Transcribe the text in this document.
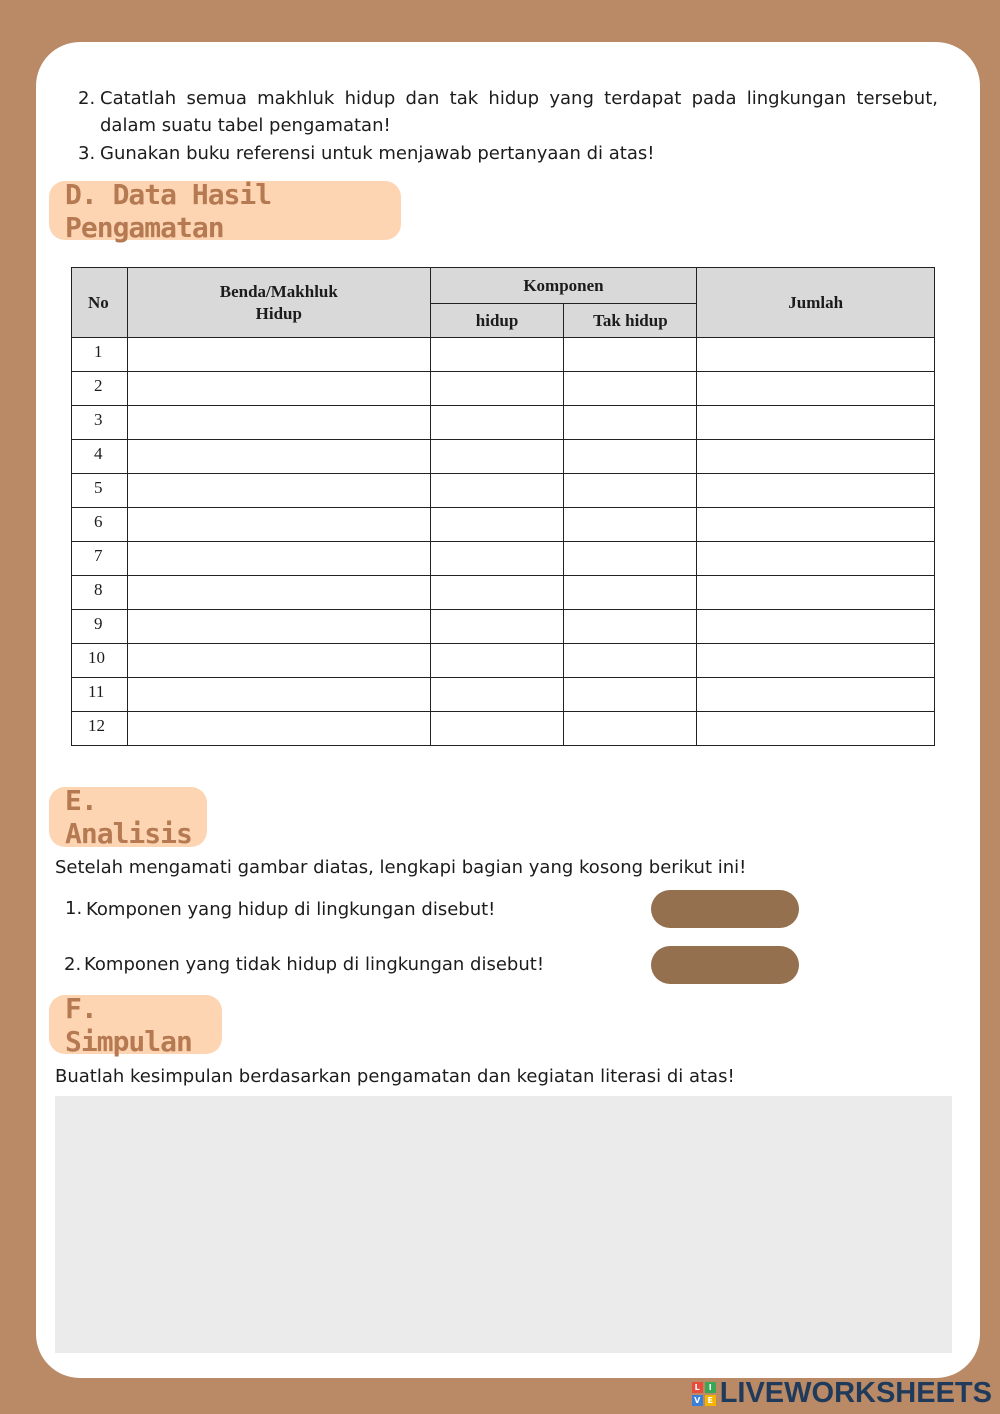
2. Catatlah semua makhluk hidup dan tak hidup yang terdapat pada lingkungan tersebut, dalam suatu tabel pengamatan!
3. Gunakan buku referensi untuk menjawab pertanyaan di atas!
D. Data Hasil Pengamatan
No	Benda/Makhluk Hidup	Komponen		Jumlah
		hidup	Tak hidup	
1				
2				
3				
4				
5				
6				
7				
8				
9				
10				
11				
12				
E. Analisis
Setelah mengamati gambar diatas, lengkapi bagian yang kosong berikut ini!
1. Komponen yang hidup di lingkungan disebut!
2. Komponen yang tidak hidup di lingkungan disebut!
F. Simpulan
Buatlah kesimpulan berdasarkan pengamatan dan kegiatan literasi di atas!
L	I
V E LIVEWORKSHEETS
